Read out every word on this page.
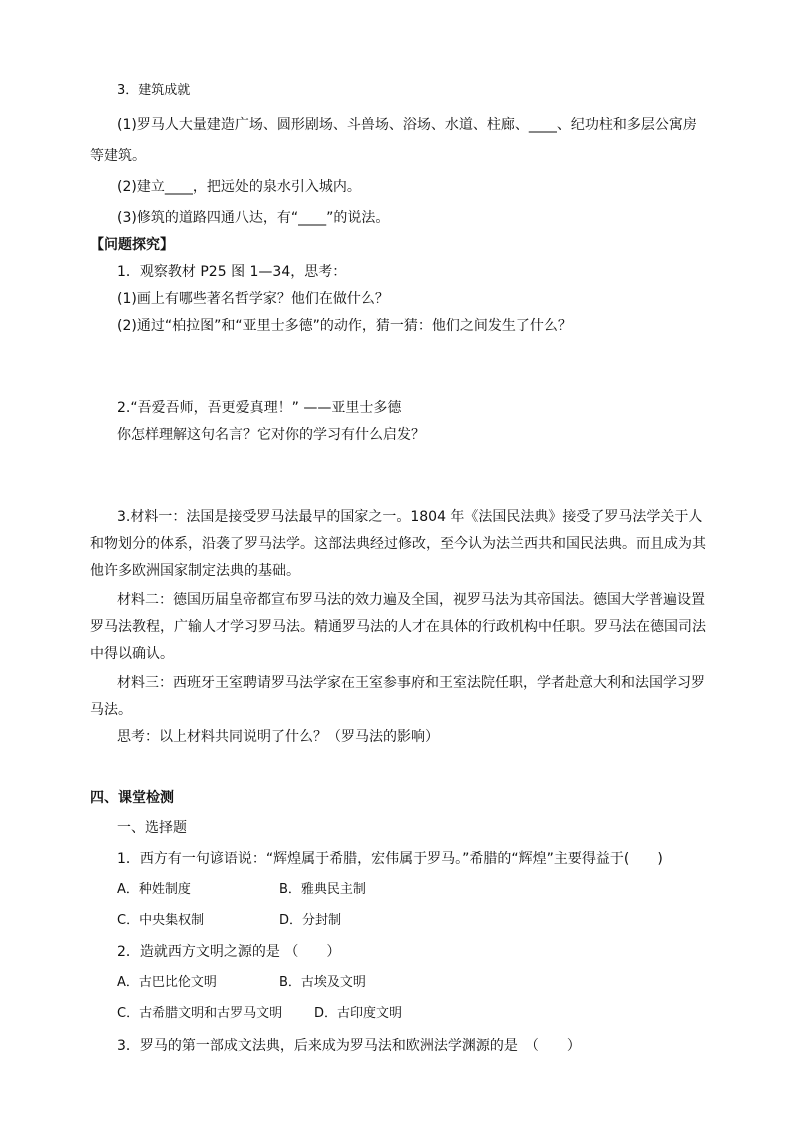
3．建筑成就
(1)罗马人大量建造广场、圆形剧场、斗兽场、浴场、水道、柱廊、____、纪功柱和多层公寓房
等建筑。
(2)建立____，把远处的泉水引入城内。
(3)修筑的道路四通八达，有“____”的说法。
【问题探究】
1．观察教材 P25 图 1—34，思考：
(1)画上有哪些著名哲学家？他们在做什么？
(2)通过“柏拉图”和“亚里士多德”的动作，猜一猜：他们之间发生了什么？
2.“吾爱吾师，吾更爱真理！” ——亚里士多德
你怎样理解这句名言？它对你的学习有什么启发？
3.材料一：法国是接受罗马法最早的国家之一。1804 年《法国民法典》接受了罗马法学关于人
和物划分的体系，沿袭了罗马法学。这部法典经过修改，至今认为法兰西共和国民法典。而且成为其
他许多欧洲国家制定法典的基础。
材料二：德国历届皇帝都宣布罗马法的效力遍及全国，视罗马法为其帝国法。德国大学普遍设置
罗马法教程，广输人才学习罗马法。精通罗马法的人才在具体的行政机构中任职。罗马法在德国司法
中得以确认。
材料三：西班牙王室聘请罗马法学家在王室参事府和王室法院任职，学者赴意大利和法国学习罗
马法。
思考：以上材料共同说明了什么？（罗马法的影响）
四、课堂检测
一、选择题
1．西方有一句谚语说：“辉煌属于希腊，宏伟属于罗马。”希腊的“辉煌”主要得益于(　　)
A．种姓制度	B．雅典民主制
C．中央集权制	D．分封制
2．造就西方文明之源的是 （　　）
A．古巴比伦文明	B．古埃及文明
C．古希腊文明和古罗马文明 D．古印度文明
3．罗马的第一部成文法典，后来成为罗马法和欧洲法学渊源的是　（　　）
